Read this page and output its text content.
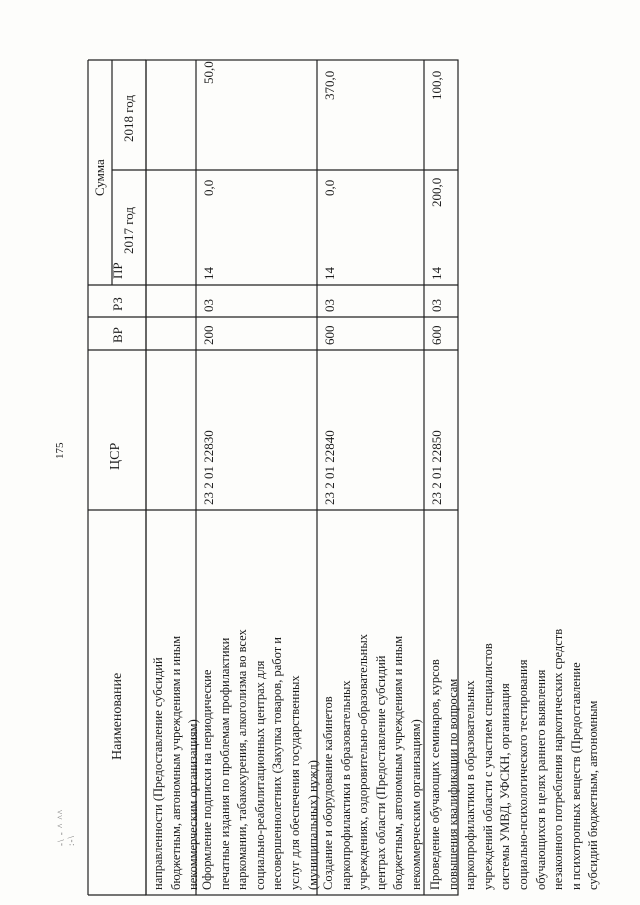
175
-\ - ^ ^^ :-\
Наименование
ЦСР
ВР
РЗ
ПР
Сумма
2017 год
2018 год
направленности (Предоставление субсидий
бюджетным, автономным учреждениям и иным
некоммерческим организациям)
Оформление подписки на периодические
печатные издания по проблемам профилактики
наркомании, табакокурения, алкоголизма во всех
социально-реабилитационных центрах для
несовершеннолетних (Закупка товаров, работ и
услуг для обеспечения государственных
(муниципальных) нужд)
23 2 01 22830
200
03
14
0,0
50,0
Создание и оборудование кабинетов
наркопрофилактики в образовательных
учреждениях, оздоровительно-образовательных
центрах области (Предоставление субсидий
бюджетным, автономным учреждениям и иным
некоммерческим организациям)
23 2 01 22840
600
03
14
0,0
370,0
Проведение обучающих семинаров, курсов
повышения квалификации по вопросам
наркопрофилактики в образовательных
учреждений области с участием специалистов
системы УМВД, УФСКН, организация
социально-психологического тестирования
обучающихся в целях раннего выявления
незаконного потребления наркотических средств
и психотропных веществ (Предоставление
субсидий бюджетным, автономным
23 2 01 22850
600
03
14
200,0
100,0
